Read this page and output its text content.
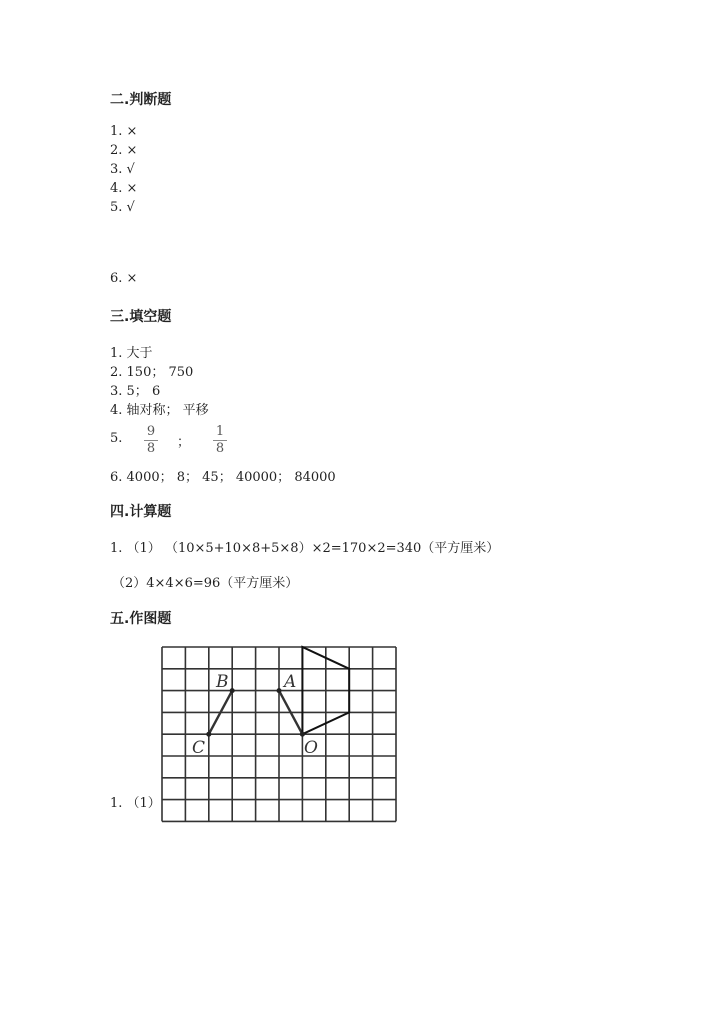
二.判断题
1. ×
2. ×
3. √
4. ×
5. √
6. ×
三.填空题
1. 大于
2. 150； 750
3. 5； 6
4. 轴对称； 平移
5. $\frac{9}{8}$ ； $\frac{1}{8}$
6. 4000； 8； 45； 40000； 84000
四.计算题
1. （1） （10×5+10×8+5×8）×2=170×2=340（平方厘米）
（2）4×4×6=96（平方厘米）
五.作图题
1. （1）
B	A
C	O
